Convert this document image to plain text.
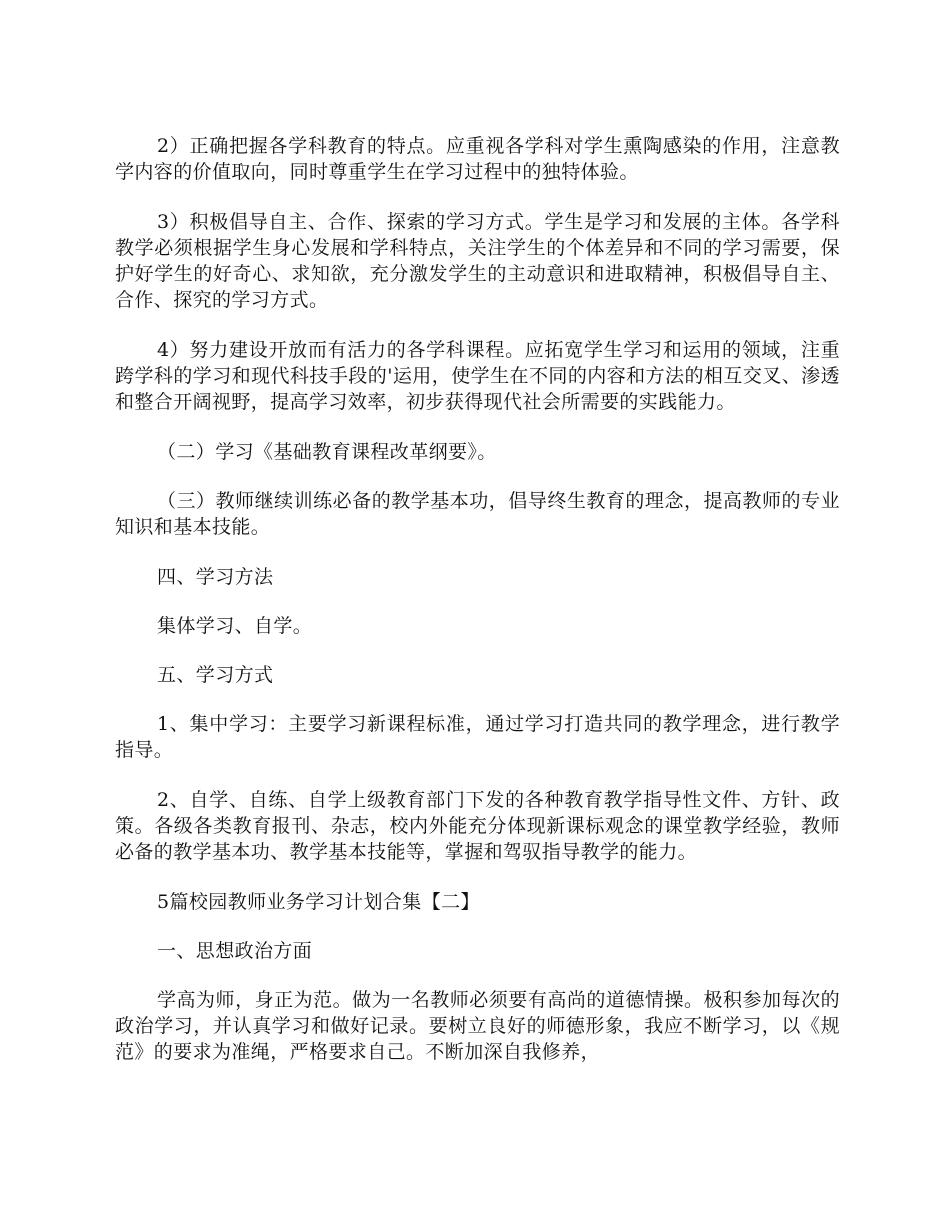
2）正确把握各学科教育的特点。应重视各学科对学生熏陶感染的作用，注意教学内容的价值取向，同时尊重学生在学习过程中的独特体验。

3）积极倡导自主、合作、探索的学习方式。学生是学习和发展的主体。各学科教学必须根据学生身心发展和学科特点，关注学生的个体差异和不同的学习需要，保护好学生的好奇心、求知欲，充分激发学生的主动意识和进取精神，积极倡导自主、合作、探究的学习方式。

4）努力建设开放而有活力的各学科课程。应拓宽学生学习和运用的领域，注重跨学科的学习和现代科技手段的'运用，使学生在不同的内容和方法的相互交叉、渗透和整合开阔视野，提高学习效率，初步获得现代社会所需要的实践能力。

（二）学习《基础教育课程改革纲要》。

（三）教师继续训练必备的教学基本功，倡导终生教育的理念，提高教师的专业知识和基本技能。

四、学习方法

集体学习、自学。

五、学习方式

1、集中学习：主要学习新课程标准，通过学习打造共同的教学理念，进行教学指导。

2、自学、自练、自学上级教育部门下发的各种教育教学指导性文件、方针、政策。各级各类教育报刊、杂志，校内外能充分体现新课标观念的课堂教学经验，教师必备的教学基本功、教学基本技能等，掌握和驾驭指导教学的能力。

5篇校园教师业务学习计划合集【二】

一、思想政治方面

学高为师，身正为范。做为一名教师必须要有高尚的道德情操。极积参加每次的政治学习，并认真学习和做好记录。要树立良好的师德形象，我应不断学习，以《规范》的要求为准绳，严格要求自己。不断加深自我修养，
